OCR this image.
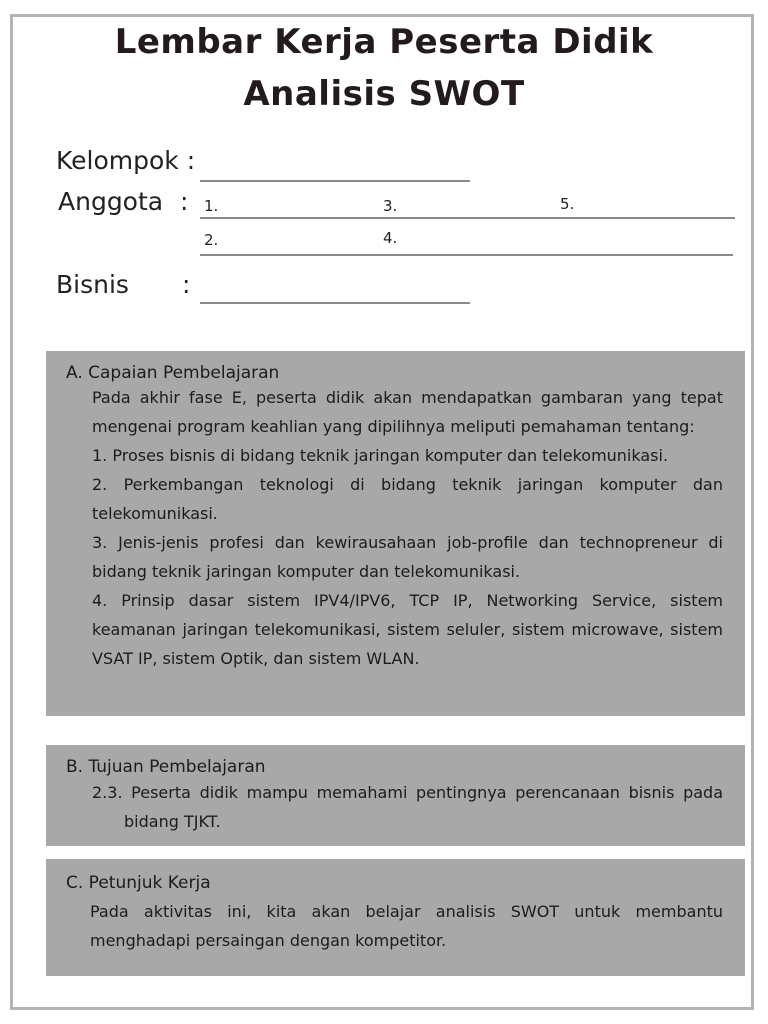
Lembar Kerja Peserta Didik
Analisis SWOT
Kelompok :
Anggota : 1.	3.	5.
2.	4.
Bisnis :
A. Capaian Pembelajaran

Pada akhir fase E, peserta didik akan mendapatkan gambaran yang tepat mengenai program keahlian yang dipilihnya meliputi pemahaman tentang:

1. Proses bisnis di bidang teknik jaringan komputer dan telekomunikasi.

2. Perkembangan teknologi di bidang teknik jaringan komputer dan telekomunikasi.

3. Jenis-jenis profesi dan kewirausahaan job-profile dan technopreneur di bidang teknik jaringan komputer dan telekomunikasi.

4. Prinsip dasar sistem IPV4/IPV6, TCP IP, Networking Service, sistem keamanan jaringan telekomunikasi, sistem seluler, sistem microwave, sistem VSAT IP, sistem Optik, dan sistem WLAN.

B. Tujuan Pembelajaran

2.3. Peserta didik mampu memahami pentingnya perencanaan bisnis pada bidang TJKT.

C. Petunjuk Kerja

Pada aktivitas ini, kita akan belajar analisis SWOT untuk membantu menghadapi persaingan dengan kompetitor.
